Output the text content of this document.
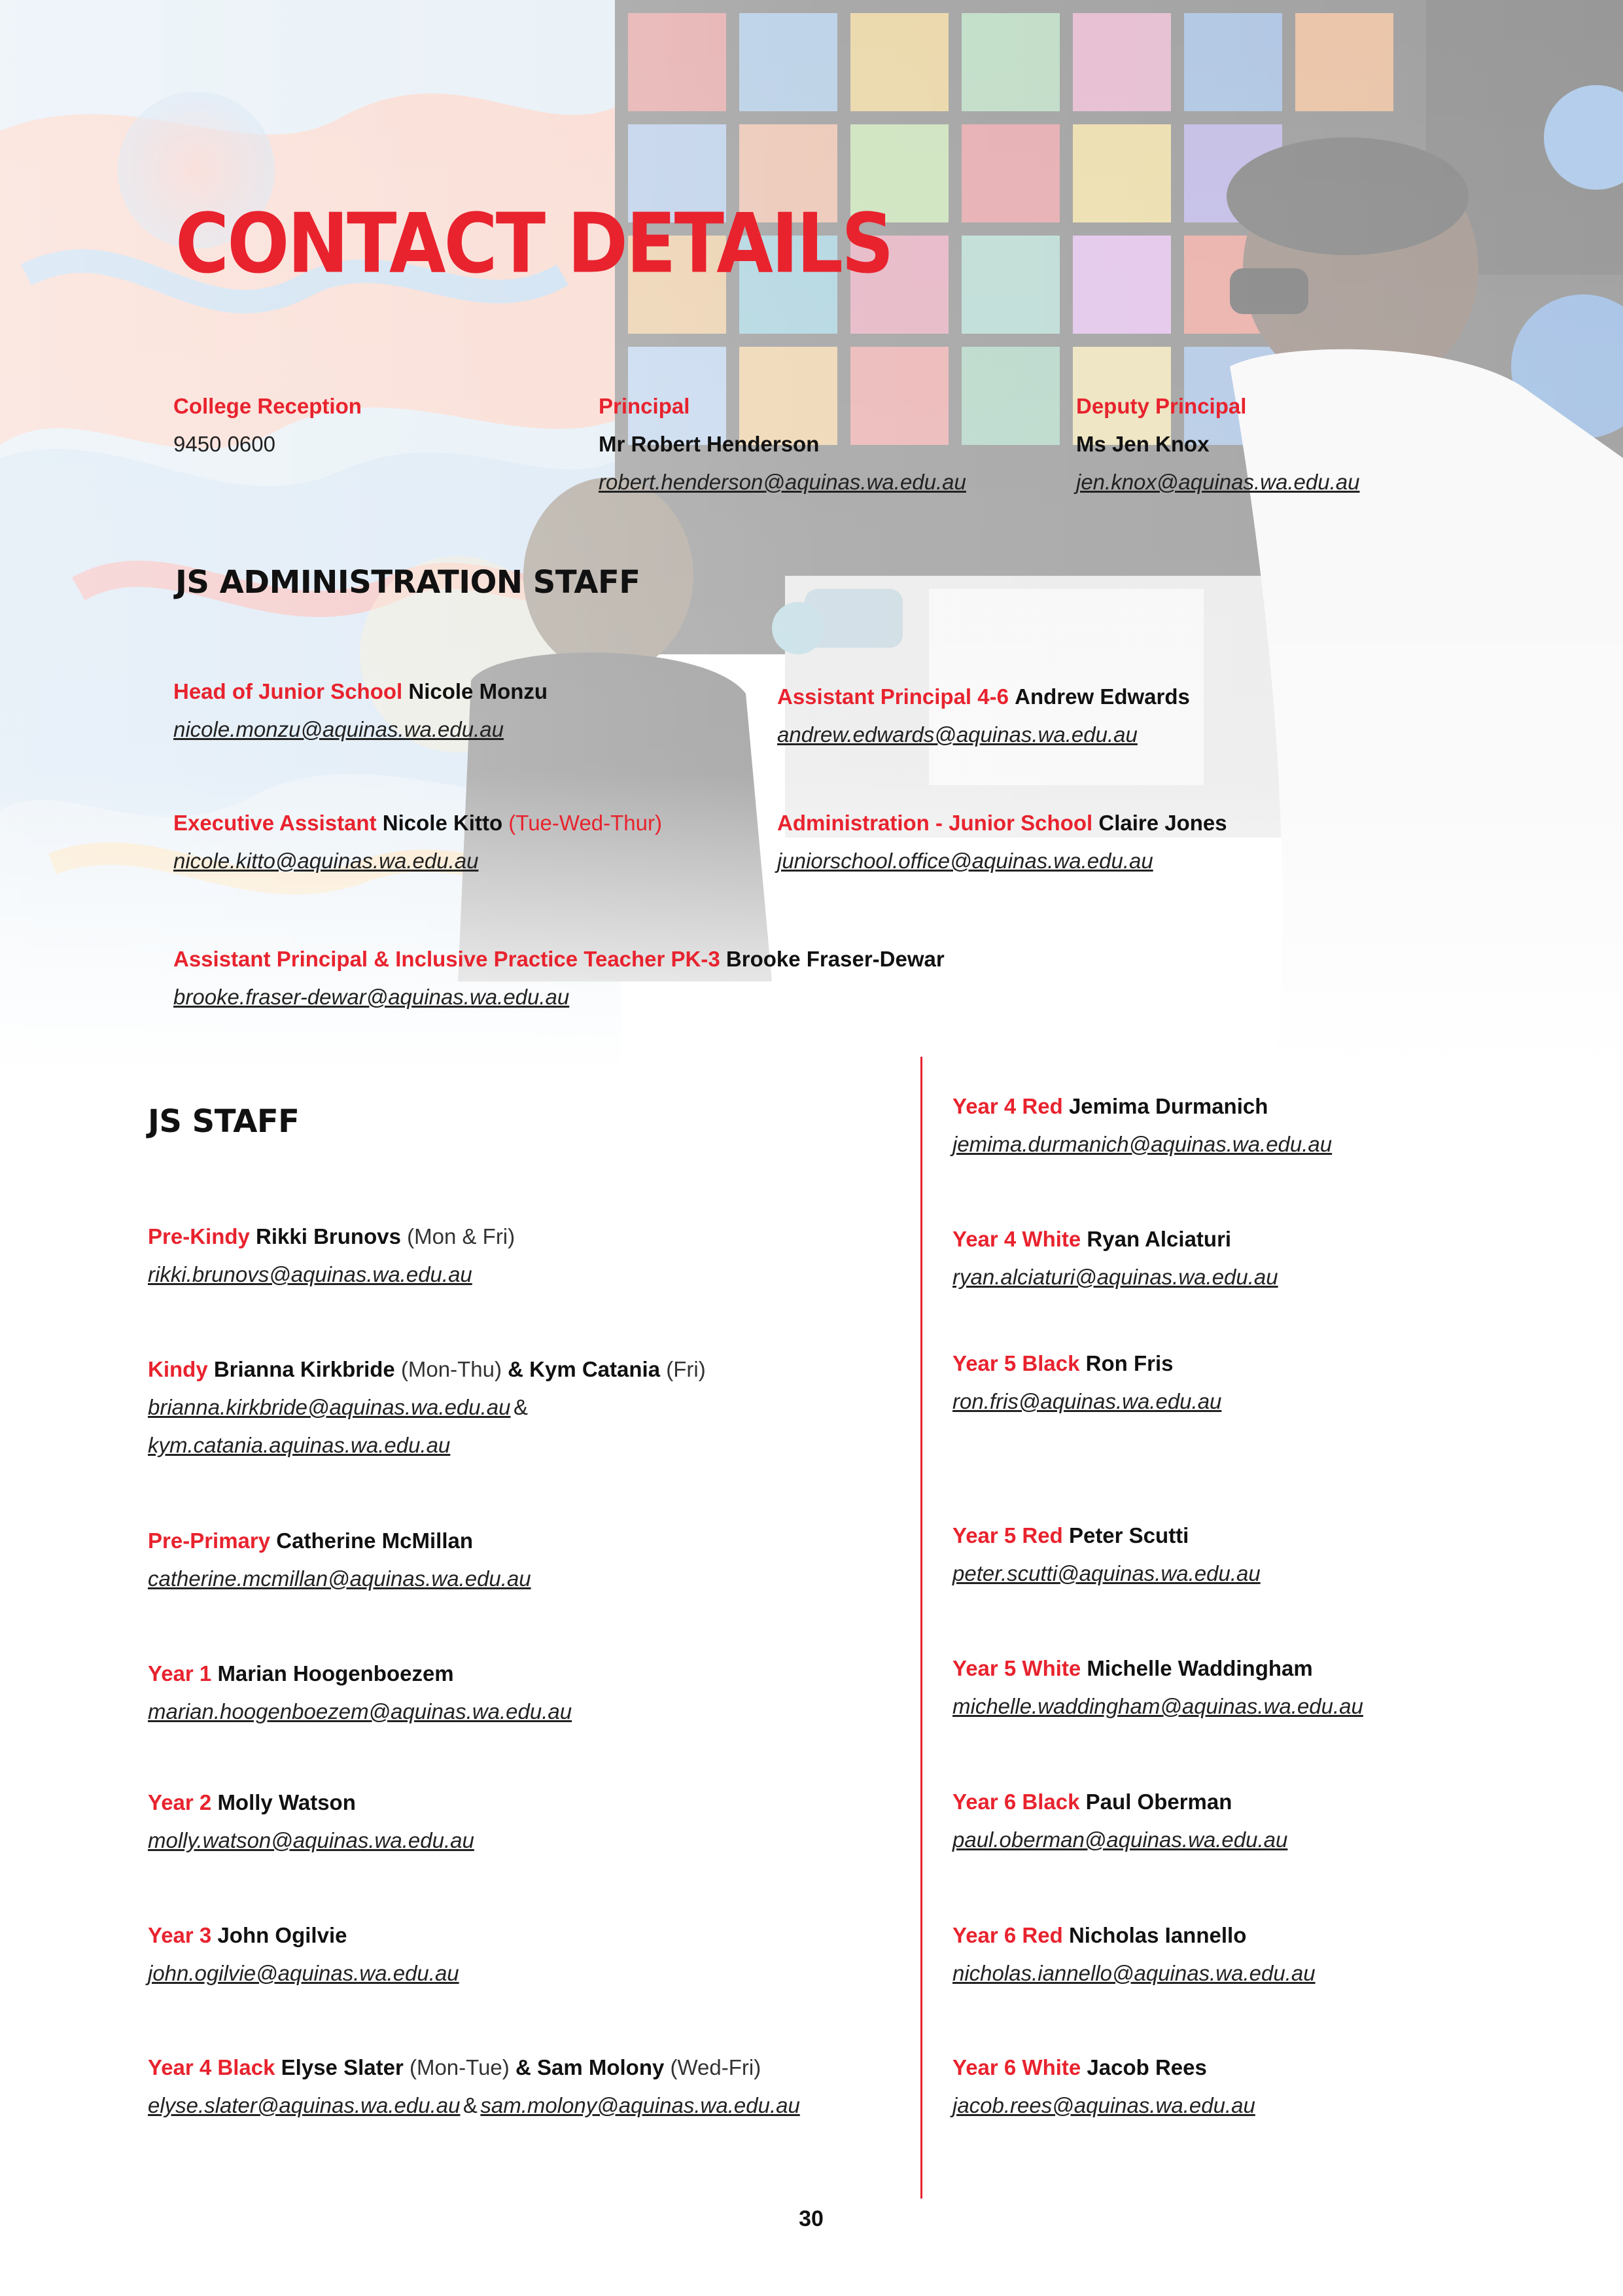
CONTACT DETAILS
College Reception
9450 0600
Principal
Mr Robert Henderson
robert.henderson@aquinas.wa.edu.au
Deputy Principal
Ms Jen Knox
jen.knox@aquinas.wa.edu.au
JS ADMINISTRATION STAFF
Head of Junior School Nicole Monzu
nicole.monzu@aquinas.wa.edu.au
Assistant Principal 4-6 Andrew Edwards
andrew.edwards@aquinas.wa.edu.au
Executive Assistant Nicole Kitto (Tue-Wed-Thur)
nicole.kitto@aquinas.wa.edu.au
Administration - Junior School Claire Jones
juniorschool.office@aquinas.wa.edu.au
Assistant Principal & Inclusive Practice Teacher PK-3 Brooke Fraser-Dewar
brooke.fraser-dewar@aquinas.wa.edu.au
JS STAFF
Pre-Kindy Rikki Brunovs (Mon & Fri)
rikki.brunovs@aquinas.wa.edu.au
Kindy Brianna Kirkbride (Mon-Thu) & Kym Catania (Fri)
brianna.kirkbride@aquinas.wa.edu.au &
kym.catania.aquinas.wa.edu.au
Pre-Primary Catherine McMillan
catherine.mcmillan@aquinas.wa.edu.au
Year 1 Marian Hoogenboezem
marian.hoogenboezem@aquinas.wa.edu.au
Year 2 Molly Watson
molly.watson@aquinas.wa.edu.au
Year 3 John Ogilvie
john.ogilvie@aquinas.wa.edu.au
Year 4 Black Elyse Slater (Mon-Tue) & Sam Molony (Wed-Fri)
elyse.slater@aquinas.wa.edu.au & sam.molony@aquinas.wa.edu.au
Year 4 Red Jemima Durmanich
jemima.durmanich@aquinas.wa.edu.au
Year 4 White Ryan Alciaturi
ryan.alciaturi@aquinas.wa.edu.au
Year 5 Black Ron Fris
ron.fris@aquinas.wa.edu.au
Year 5 Red Peter Scutti
peter.scutti@aquinas.wa.edu.au
Year 5 White Michelle Waddingham
michelle.waddingham@aquinas.wa.edu.au
Year 6 Black Paul Oberman
paul.oberman@aquinas.wa.edu.au
Year 6 Red Nicholas Iannello
nicholas.iannello@aquinas.wa.edu.au
Year 6 White Jacob Rees
jacob.rees@aquinas.wa.edu.au
30
